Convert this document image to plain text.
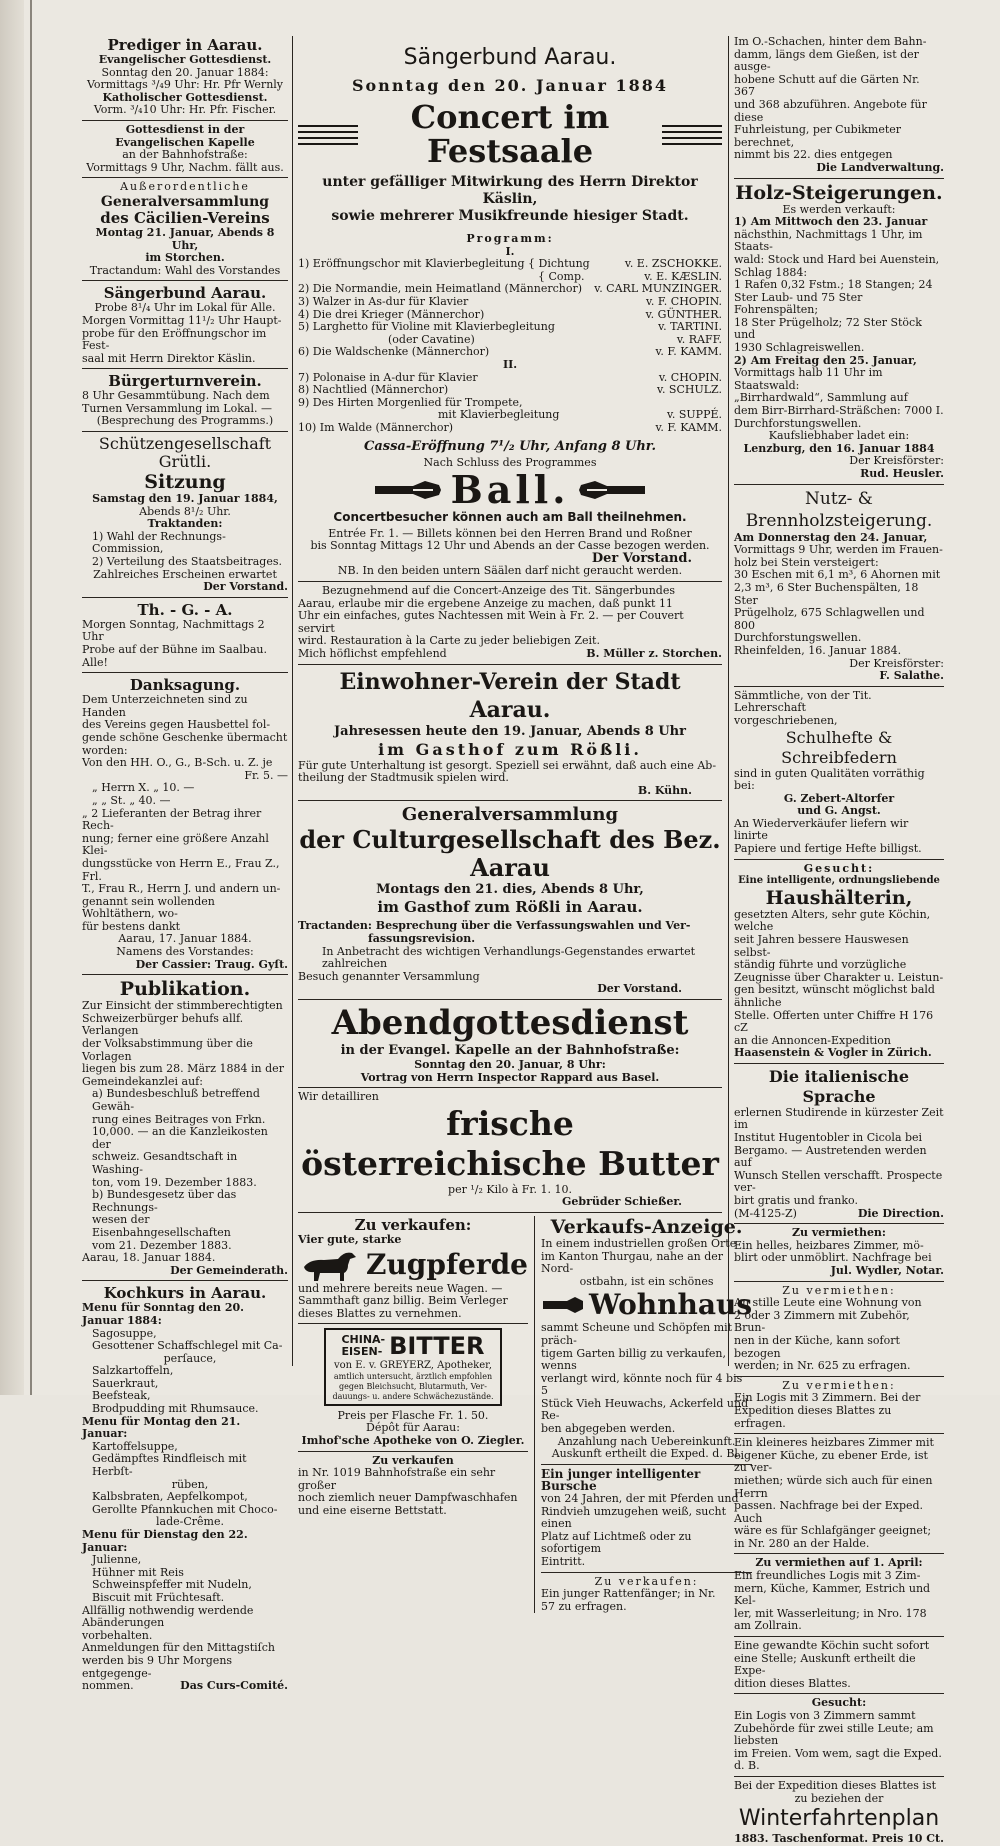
Prediger in Aarau.
Evangelischer Gottesdienst.
Sonntag den 20. Januar 1884:
Vormittags ³/₄9 Uhr: Hr. Pfr Wernly
Katholischer Gottesdienst.
Vorm. ³/₄10 Uhr: Hr. Pfr. Fischer.
Gottesdienst in der Evangelischen Kapelle
an der Bahnhofstraße:
Vormittags 9 Uhr, Nachm. fällt aus.
Außerordentliche
Generalversammlung
des Cäcilien-Vereins
Montag 21. Januar, Abends 8 Uhr,
im Storchen.
Tractandum: Wahl des Vorstandes
Sängerbund Aarau.
Probe 8¹/₄ Uhr im Lokal für Alle.
Morgen Vormittag 11¹/₂ Uhr Haupt-
probe für den Eröffnungschor im Fest-
saal mit Herrn Direktor Käslin.
Bürgerturnverein.
8 Uhr Gesammtübung. Nach dem
Turnen Versammlung im Lokal. —
(Besprechung des Programms.)
Schützengesellschaft Grütli.
Sitzung
Samstag den 19. Januar 1884,
Abends 8¹/₂ Uhr.
Traktanden:
1) Wahl der Rechnungs-Commission,
2) Verteilung des Staatsbeitrages.
Zahlreiches Erscheinen erwartet
Der Vorstand.
Th. - G. - A.
Morgen Sonntag, Nachmittags 2 Uhr
Probe auf der Bühne im Saalbau. Alle!
Danksagung.
Dem Unterzeichneten sind zu Handen
des Vereins gegen Hausbettel fol-
gende schöne Geschenke übermacht worden:
Von den HH. O., G., B-Sch. u. Z. je
Fr. 5. —
„ Herrn X. „ 10. —
„ „ St. „ 40. —
„ 2 Lieferanten der Betrag ihrer Rech-
nung; ferner eine größere Anzahl Klei-
dungsstücke von Herrn E., Frau Z., Frl.
T., Frau R., Herrn J. und andern un-
genannt sein wollenden Wohltäthern, wo-
für bestens dankt
Aarau, 17. Januar 1884.
Namens des Vorstandes:
Der Cassier: Traug. Gyſt.
Publikation.
Zur Einsicht der stimmberechtigten
Schweizerbürger behufs allf. Verlangen
der Volksabstimmung über die Vorlagen
liegen bis zum 28. März 1884 in der
Gemeindekanzlei auf:
a) Bundesbeschluß betreffend Gewäh-
rung eines Beitrages von Frkn.
10,000. — an die Kanzleikosten der
schweiz. Gesandtschaft in Washing-
ton, vom 19. Dezember 1883.
b) Bundesgesetz über das Rechnungs-
wesen der Eisenbahngesellschaften
vom 21. Dezember 1883.
Aarau, 18. Januar 1884.
Der Gemeinderath.
Kochkurs in Aarau.
Menu für Sonntag den 20. Januar 1884:
Sagosuppe,
Gesottener Schaffschlegel mit Ca-
perſauce,
Salzkartoffeln,
Sauerkraut,
Beefsteak,
Brodpudding mit Rhumsauce.
Menu für Montag den 21. Januar:
Kartoffelsuppe,
Gedämpftes Rindfleisch mit Herbſt-
rüben,
Kalbsbraten, Aepfelkompot,
Gerollte Pfannkuchen mit Choco-
lade-Crême.
Menu für Dienstag den 22. Januar:
Julienne,
Hühner mit Reis
Schweinspfeffer mit Nudeln,
Biscuit mit Früchtesaft.
Allfällig nothwendig werdende Abänderungen
vorbehalten.
Anmeldungen für den Mittagstiſch
werden bis 9 Uhr Morgens entgegenge-
nommen.	Das Curs-Comité.
Sängerbund Aarau.
Sonntag den 20. Januar 1884
Concert im Festsaale
unter gefälliger Mitwirkung des Herrn Direktor Käslin,
sowie mehrerer Musikfreunde hiesiger Stadt.
Programm:
I.
1) Eröffnungschor mit Klavierbegleitung { Dichtung	v. E. ZSCHOKKE.
{ Comp.	v. E. KÆSLIN.
2) Die Normandie, mein Heimatland (Männerchor) v. CARL MUNZINGER.
3) Walzer in As-dur für Klavier	v. F. CHOPIN.
4) Die drei Krieger (Männerchor)	v. GÜNTHER.
5) Larghetto für Violine mit Klavierbegleitung	v. TARTINI.
(oder Cavatine)	v. RAFF.
6) Die Waldschenke (Männerchor)	v. F. KAMM.
II.
7) Polonaise in A-dur für Klavier	v. CHOPIN.
8) Nachtlied (Männerchor)	v. SCHULZ.
9) Des Hirten Morgenlied für Trompete,
mit Klavierbegleitung	v. SUPPÉ.
10) Im Walde (Männerchor)	v. F. KAMM.
Cassa-Eröffnung 7¹/₂ Uhr, Anfang 8 Uhr.
Nach Schluss des Programmes
Ball.
Concertbesucher können auch am Ball theilnehmen.
Entrée Fr. 1. — Billets können bei den Herren Brand und Roßner
bis Sonntag Mittags 12 Uhr und Abends an der Casse bezogen werden.
Der Vorstand.
NB. In den beiden untern Säälen darf nicht geraucht werden.
Bezugnehmend auf die Concert-Anzeige des Tit. Sängerbundes
Aarau, erlaube mir die ergebene Anzeige zu machen, daß punkt 11
Uhr ein einfaches, gutes Nachtessen mit Wein à Fr. 2. — per Couvert servirt
wird. Restauration à la Carte zu jeder beliebigen Zeit.
Mich höflichst empfehlend	B. Müller z. Storchen.
Einwohner-Verein der Stadt Aarau.
Jahresessen heute den 19. Januar, Abends 8 Uhr
im Gasthof zum Rößli.
Für gute Unterhaltung ist gesorgt. Speziell sei erwähnt, daß auch eine Ab-
theilung der Stadtmusik spielen wird.
B. Kühn.
Generalversammlung
der Culturgesellschaft des Bez. Aarau
Montags den 21. dies, Abends 8 Uhr,
im Gasthof zum Rößli in Aarau.
Tractanden: Besprechung über die Verfassungswahlen und Ver-
fassungsrevision.
In Anbetracht des wichtigen Verhandlungs-Gegenstandes erwartet zahlreichen
Besuch genannter Versammlung
Der Vorstand.
Abendgottesdienst
in der Evangel. Kapelle an der Bahnhofstraße:
Sonntag den 20. Januar, 8 Uhr:
Vortrag von Herrn Inspector Rappard aus Basel.
Wir detailliren
frische österreichische Butter
per ¹/₂ Kilo à Fr. 1. 10.
Gebrüder Schießer.
Zu verkaufen:
Vier gute, starke
Zugpferde
und mehrere bereits neue Wagen. —
Sammthaft ganz billig. Beim Verleger
dieses Blattes zu vernehmen.
CHINA-
EISEN- BITTER
von E. v. GREYERZ, Apotheker,
amtlich untersucht, ärztlich empfohlen
gegen Bleichsucht, Blutarmuth, Ver-
dauungs- u. andere Schwächezustände.
Preis per Flasche Fr. 1. 50.
Dépôt für Aarau:
Imhof'sche Apotheke von O. Ziegler.
Zu verkaufen
in Nr. 1019 Bahnhofstraße ein sehr großer
noch ziemlich neuer Dampfwaschhafen
und eine eiserne Bettstatt.
Verkaufs-Anzeige.
In einem industriellen großen Orte
im Kanton Thurgau, nahe an der Nord-
ostbahn, ist ein schönes
Wohnhaus
sammt Scheune und Schöpfen mit präch-
tigem Garten billig zu verkaufen, wenns
verlangt wird, könnte noch für 4 bis 5
Stück Vieh Heuwachs, Ackerfeld und Re-
ben abgegeben werden.
Anzahlung nach Uebereinkunft.
Auskunft ertheilt die Exped. d. Bl.
Ein junger intelligenter Bursche
von 24 Jahren, der mit Pferden und
Rindvieh umzugehen weiß, sucht einen
Platz auf Lichtmeß oder zu sofortigem
Eintritt.
Zu verkaufen:
Ein junger Rattenfänger; in Nr.
57 zu erfragen.
Im O.-Schachen, hinter dem Bahn-
damm, längs dem Gießen, ist der ausge-
hobene Schutt auf die Gärten Nr. 367
und 368 abzuführen. Angebote für diese
Fuhrleistung, per Cubikmeter berechnet,
nimmt bis 22. dies entgegen
Die Landverwaltung.
Holz-Steigerungen.
Es werden verkauft:
1) Am Mittwoch den 23. Januar
nächsthin, Nachmittags 1 Uhr, im Staats-
wald: Stock und Hard bei Auenstein,
Schlag 1884:
1 Rafen 0,32 Fstm.; 18 Stangen; 24
Ster Laub- und 75 Ster Fohrenspälten;
18 Ster Prügelholz; 72 Ster Stöck und
1930 Schlagreiswellen.
2) Am Freitag den 25. Januar,
Vormittags halb 11 Uhr im Staatswald:
„Birrhardwald“, Sammlung auf
dem Birr-Birrhard-Sträßchen: 7000 I.
Durchforstungswellen.
Kaufsliebhaber ladet ein:
Lenzburg, den 16. Januar 1884
Der Kreisförster:
Rud. Heusler.
Nutz- & Brennholzsteigerung.
Am Donnerstag den 24. Januar,
Vormittags 9 Uhr, werden im Frauen-
holz bei Stein versteigert:
30 Eschen mit 6,1 m³, 6 Ahornen mit
2,3 m³, 6 Ster Buchenspälten, 18 Ster
Prügelholz, 675 Schlagwellen und 800
Durchforstungswellen.
Rheinfelden, 16. Januar 1884.
Der Kreisförster:
F. Salathe.
Sämmtliche, von der Tit. Lehrerschaft
vorgeschriebenen,
Schulhefte & Schreibfedern
sind in guten Qualitäten vorräthig bei:
G. Zebert-Altorfer
und G. Angst.
An Wiederverkäufer liefern wir linirte
Papiere und fertige Hefte billigst.
Gesucht:
Eine intelligente, ordnungsliebende
Haushälterin,
gesetzten Alters, sehr gute Köchin, welche
seit Jahren bessere Hauswesen selbst-
ständig führte und vorzügliche
Zeugnisse über Charakter u. Leistun-
gen besitzt, wünscht möglichst bald ähnliche
Stelle. Offerten unter Chiffre H 176 cZ
an die Annoncen-Expedition
Haasenstein & Vogler in Zürich.
Die italienische Sprache
erlernen Studirende in kürzester Zeit im
Institut Hugentobler in Cicola bei
Bergamo. — Austretenden werden auf
Wunsch Stellen verschafft. Prospecte ver-
birt gratis und franko.
(M-4125-Z)	Die Direction.
Zu vermiethen:
Ein helles, heizbares Zimmer, mö-
blirt oder unmöblirt. Nachfrage bei
Jul. Wydler, Notar.
Zu vermiethen:
An stille Leute eine Wohnung von
2 oder 3 Zimmern mit Zubehör, Brun-
nen in der Küche, kann sofort bezogen
werden; in Nr. 625 zu erfragen.
Zu vermiethen:
Ein Logis mit 3 Zimmern. Bei der
Expedition dieses Blattes zu erfragen.
Ein kleineres heizbares Zimmer mit
eigener Küche, zu ebener Erde, ist zu ver-
miethen; würde sich auch für einen Herrn
passen. Nachfrage bei der Exped. Auch
wäre es für Schlafgänger geeignet;
in Nr. 280 an der Halde.
Zu vermiethen auf 1. April:
Ein freundliches Logis mit 3 Zim-
mern, Küche, Kammer, Estrich und Kel-
ler, mit Wasserleitung; in Nro. 178
am Zollrain.
Eine gewandte Köchin sucht sofort
eine Stelle; Auskunft ertheilt die Expe-
dition dieses Blattes.
Gesucht:
Ein Logis von 3 Zimmern sammt
Zubehörde für zwei stille Leute; am liebsten
im Freien. Vom wem, sagt die Exped. d. B.
Bei der Expedition dieses Blattes ist
zu beziehen der
Winterfahrtenplan
1883. Taschenformat. Preis 10 Ct.
